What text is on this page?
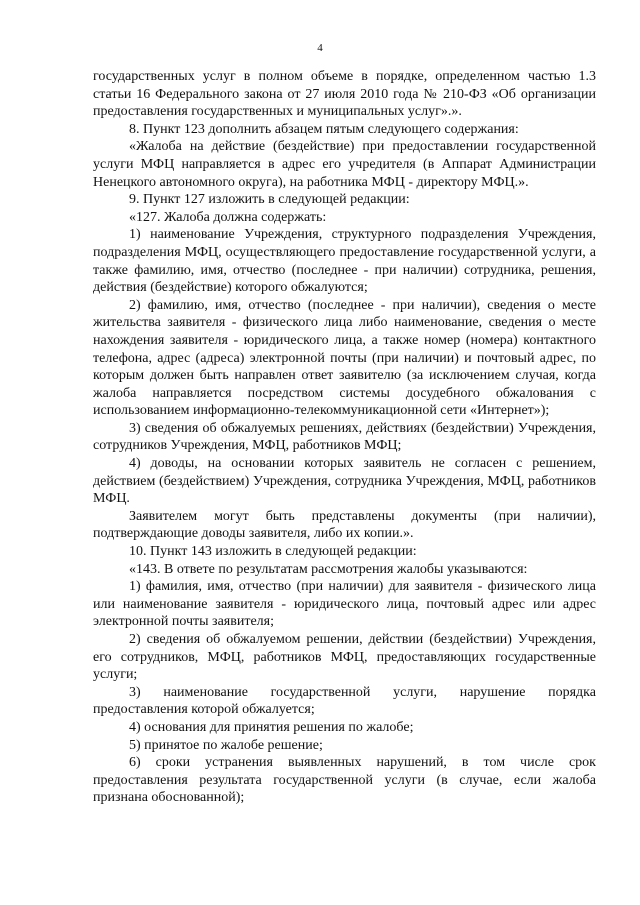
4

государственных услуг в полном объеме в порядке, определенном частью 1.3 статьи 16 Федерального закона от 27 июля 2010 года № 210-ФЗ «Об организации предоставления государственных и муниципальных услуг».».

8. Пункт 123 дополнить абзацем пятым следующего содержания:

«Жалоба на действие (бездействие) при предоставлении государственной услуги МФЦ направляется в адрес его учредителя (в Аппарат Администрации Ненецкого автономного округа), на работника МФЦ - директору МФЦ.».

9. Пункт 127 изложить в следующей редакции:

«127. Жалоба должна содержать:

1) наименование Учреждения, структурного подразделения Учреждения, подразделения МФЦ, осуществляющего предоставление государственной услуги, а также фамилию, имя, отчество (последнее - при наличии) сотрудника, решения, действия (бездействие) которого обжалуются;

2) фамилию, имя, отчество (последнее - при наличии), сведения о месте жительства заявителя - физического лица либо наименование, сведения о месте нахождения заявителя - юридического лица, а также номер (номера) контактного телефона, адрес (адреса) электронной почты (при наличии) и почтовый адрес, по которым должен быть направлен ответ заявителю (за исключением случая, когда жалоба направляется посредством системы досудебного обжалования с использованием информационно-телекоммуникационной сети «Интернет»);

3) сведения об обжалуемых решениях, действиях (бездействии) Учреждения, сотрудников Учреждения, МФЦ, работников МФЦ;

4) доводы, на основании которых заявитель не согласен с решением, действием (бездействием) Учреждения, сотрудника Учреждения, МФЦ, работников МФЦ.

Заявителем могут быть представлены документы (при наличии), подтверждающие доводы заявителя, либо их копии.».

10. Пункт 143 изложить в следующей редакции:

«143. В ответе по результатам рассмотрения жалобы указываются:

1) фамилия, имя, отчество (при наличии) для заявителя - физического лица или наименование заявителя - юридического лица, почтовый адрес или адрес электронной почты заявителя;

2) сведения об обжалуемом решении, действии (бездействии) Учреждения, его сотрудников, МФЦ, работников МФЦ, предоставляющих государственные услуги;

3) наименование государственной услуги, нарушение порядка предоставления которой обжалуется;

4) основания для принятия решения по жалобе;

5) принятое по жалобе решение;

6) сроки устранения выявленных нарушений, в том числе срок предоставления результата государственной услуги (в случае, если жалоба признана обоснованной);
